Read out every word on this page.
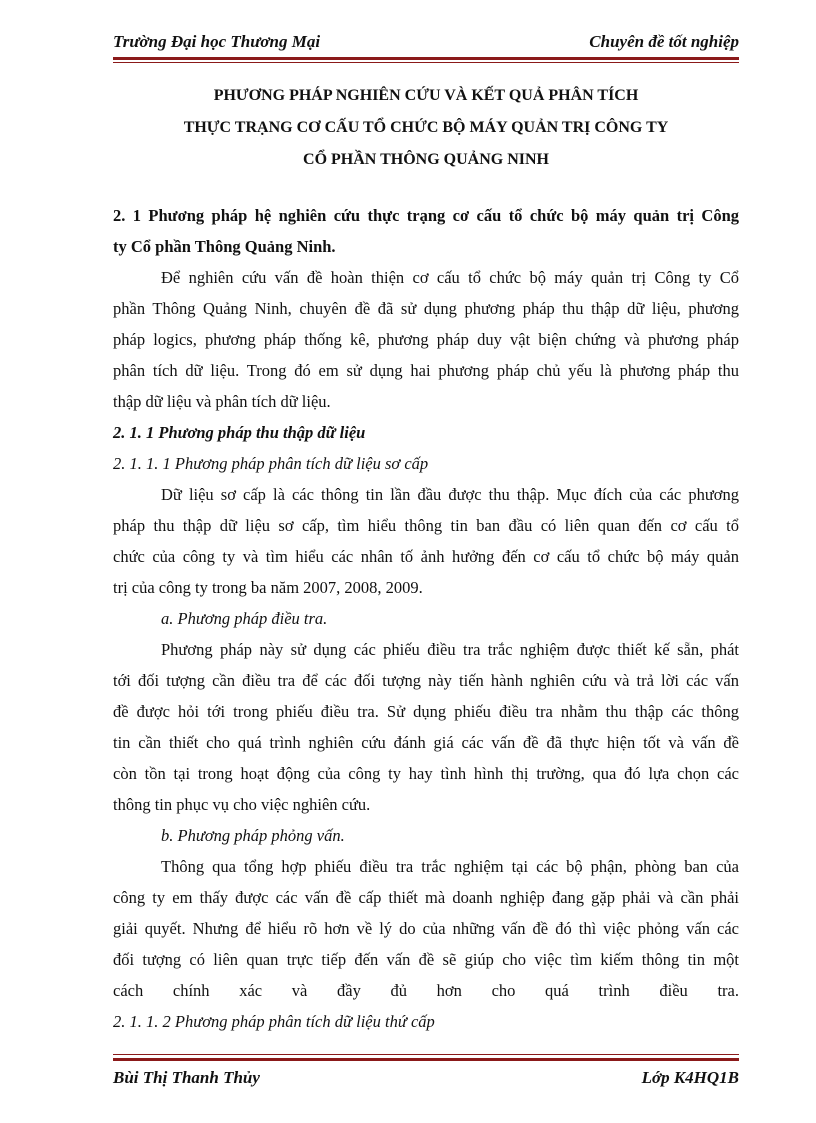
Trường Đại học Thương Mại	Chuyên đề tốt nghiệp
PHƯƠNG PHÁP NGHIÊN CỨU VÀ KẾT QUẢ PHÂN TÍCH
THỰC TRẠNG CƠ CẤU TỔ CHỨC BỘ MÁY QUẢN TRỊ CÔNG TY
CỔ PHẦN THÔNG QUẢNG NINH
2. 1 Phương pháp hệ nghiên cứu thực trạng cơ cấu tổ chức bộ máy quản trị Công
ty Cổ phần Thông Quảng Ninh.
Để nghiên cứu vấn đề hoàn thiện cơ cấu tổ chức bộ máy quản trị Công ty Cổ
phần Thông Quảng Ninh, chuyên đề đã sử dụng phương pháp thu thập dữ liệu, phương
pháp logics, phương pháp thống kê, phương pháp duy vật biện chứng và phương pháp
phân tích dữ liệu. Trong đó em sử dụng hai phương pháp chủ yếu là phương pháp thu
thập dữ liệu và phân tích dữ liệu.
2. 1. 1 Phương pháp thu thập dữ liệu
2. 1. 1. 1 Phương pháp phân tích dữ liệu sơ cấp
Dữ liệu sơ cấp là các thông tin lần đầu được thu thập. Mục đích của các phương
pháp thu thập dữ liệu sơ cấp, tìm hiểu thông tin ban đầu có liên quan đến cơ cấu tổ
chức của công ty và tìm hiểu các nhân tố ảnh hưởng đến cơ cấu tổ chức bộ máy quản
trị của công ty trong ba năm 2007, 2008, 2009.
a. Phương pháp điều tra.
Phương pháp này sử dụng các phiếu điều tra trắc nghiệm được thiết kế sẵn, phát
tới đối tượng cần điều tra để các đối tượng này tiến hành nghiên cứu và trả lời các vấn
đề được hỏi tới trong phiếu điều tra. Sử dụng phiếu điều tra nhằm thu thập các thông
tin cần thiết cho quá trình nghiên cứu đánh giá các vấn đề đã thực hiện tốt và vấn đề
còn tồn tại trong hoạt động của công ty hay tình hình thị trường, qua đó lựa chọn các
thông tin phục vụ cho việc nghiên cứu.
b. Phương pháp phỏng vấn.
Thông qua tổng hợp phiếu điều tra trắc nghiệm tại các bộ phận, phòng ban của
công ty em thấy được các vấn đề cấp thiết mà doanh nghiệp đang gặp phải và cần phải
giải quyết. Nhưng để hiểu rõ hơn về lý do của những vấn đề đó thì việc phỏng vấn các
đối tượng có liên quan trực tiếp đến vấn đề sẽ giúp cho việc tìm kiếm thông tin một
cách chính xác và đầy đủ hơn cho quá trình điều tra.
2. 1. 1. 2 Phương pháp phân tích dữ liệu thứ cấp
Bùi Thị Thanh Thủy	Lớp K4HQ1B
